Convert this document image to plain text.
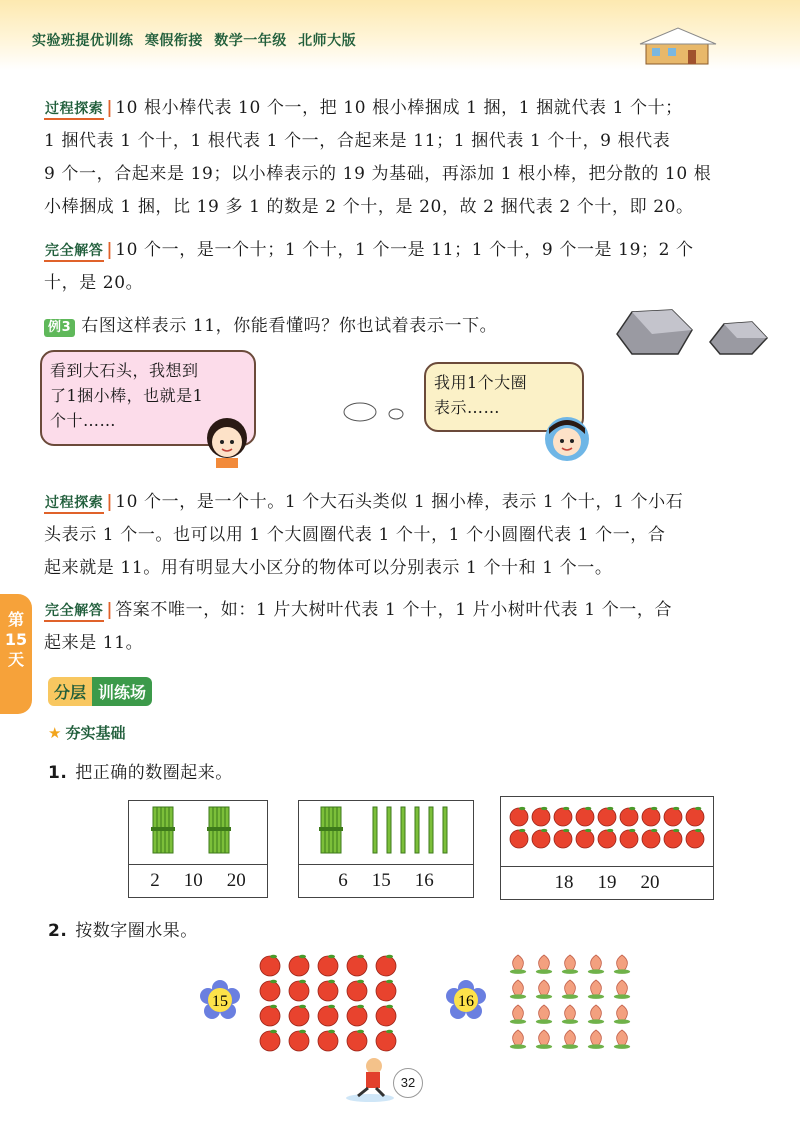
实验班提优训练 寒假衔接 数学一年级 北师大版
过程探索 | 10 根小棒代表 10 个一，把 10 根小棒捆成 1 捆，1 捆就代表 1 个十；
1 捆代表 1 个十，1 根代表 1 个一，合起来是 11；1 捆代表 1 个十，9 根代表
9 个一，合起来是 19；以小棒表示的 19 为基础，再添加 1 根小棒，把分散的 10 根
小棒捆成 1 捆，比 19 多 1 的数是 2 个十，是 20，故 2 捆代表 2 个十，即 20。
完全解答 | 10 个一，是一个十；1 个十，1 个一是 11；1 个十，9 个一是 19；2 个
十，是 20。
例3 右图这样表示 11，你能看懂吗？你也试着表示一下。
看到大石头，我想到
了1捆小棒，也就是1
个十……
我用1个大圈
表示……
过程探索 | 10 个一，是一个十。1 个大石头类似 1 捆小棒，表示 1 个十，1 个小石
头表示 1 个一。也可以用 1 个大圆圈代表 1 个十，1 个小圆圈代表 1 个一，合
起来就是 11。用有明显大小区分的物体可以分别表示 1 个十和 1 个一。
完全解答 | 答案不唯一，如：1 片大树叶代表 1 个十，1 片小树叶代表 1 个一，合
起来是 11。
第
15
天
分层 训练场
★ 夯实基础
1. 把正确的数圈起来。
2 10 20	6 15 16	18 19 20
2. 按数字圈水果。
15	16
32
